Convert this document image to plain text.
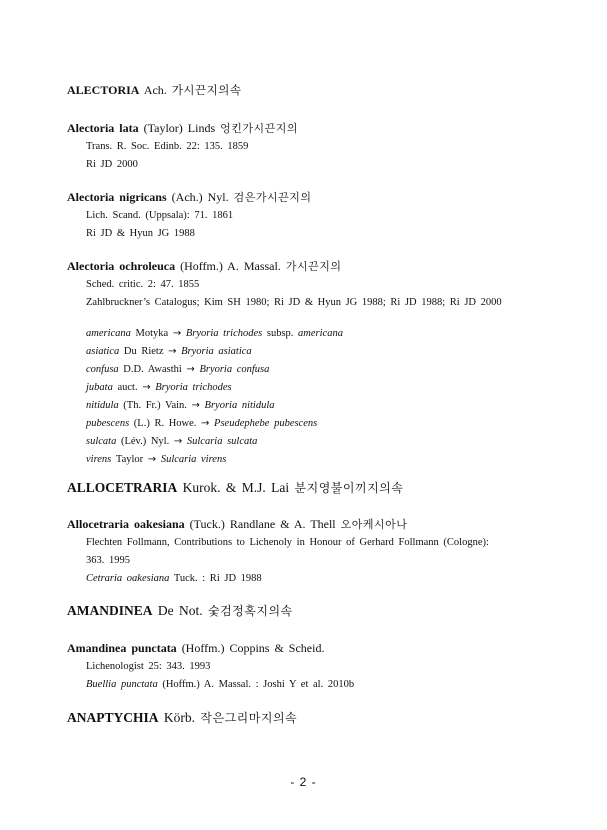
ALECTORIA Ach. 가시끈지의속
Alectoria lata (Taylor) Linds 엉킨가시끈지의
Trans. R. Soc. Edinb. 22: 135. 1859
Ri JD 2000
Alectoria nigricans (Ach.) Nyl. 검은가시끈지의
Lich. Scand. (Uppsala): 71. 1861
Ri JD & Hyun JG 1988
Alectoria ochroleuca (Hoffm.) A. Massal. 가시끈지의
Sched. critic. 2: 47. 1855
Zahlbruckner’s Catalogus; Kim SH 1980; Ri JD & Hyun JG 1988; Ri JD 1988; Ri JD 2000
americana Motyka → Bryoria trichodes subsp. americana
asiatica Du Rietz → Bryoria asiatica
confusa D.D. Awasthi → Bryoria confusa
jubata auct. → Bryoria trichodes
nitidula (Th. Fr.) Vain. → Bryoria nitidula
pubescens (L.) R. Howe. → Pseudephebe pubescens
sulcata (Lév.) Nyl. → Sulcaria sulcata
virens Taylor → Sulcaria virens
ALLOCETRARIA Kurok. & M.J. Lai 분지영불이끼지의속
Allocetraria oakesiana (Tuck.) Randlane & A. Thell 오아케시아나
Flechten Follmann, Contributions to Lichenoly in Honour of Gerhard Follmann (Cologne):
363. 1995
Cetraria oakesiana Tuck. : Ri JD 1988
AMANDINEA De Not. 숯검정혹지의속
Amandinea punctata (Hoffm.) Coppins & Scheid.
Lichenologist 25: 343. 1993
Buellia punctata (Hoffm.) A. Massal. : Joshi Y et al. 2010b
ANAPTYCHIA Körb. 작은그리마지의속
- 2 -
